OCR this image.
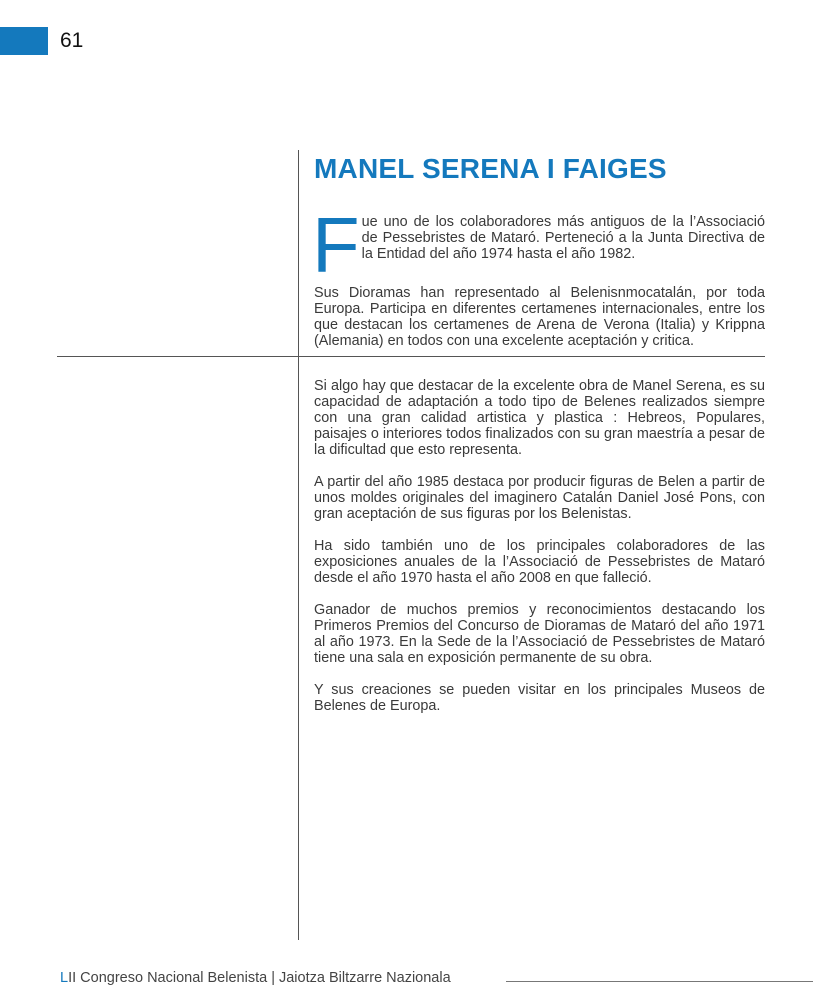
61
MANEL SERENA I FAIGES
F ue uno de los colaboradores más antiguos de la l’Associació de Pessebristes de Mataró. Perteneció a la Junta Directiva de la Entidad del año 1974 hasta el año 1982.

Sus Dioramas han representado al Belenisnmocatalán, por toda Europa. Participa en diferentes certamenes internacionales, entre los que destacan los certamenes de Arena de Verona (Italia) y Krippna (Alemania) en todos con una excelente aceptación y critica.

Si algo hay que destacar de la excelente obra de Manel Serena, es su capacidad de adaptación a todo tipo de Belenes realizados siempre con una gran calidad artistica y plastica : Hebreos, Populares, paisajes o interiores todos finalizados con su gran maestría a pesar de la dificultad que esto representa.

A partir del año 1985 destaca por producir figuras de Belen a partir de unos moldes originales del imaginero Catalán Daniel José Pons, con gran aceptación de sus figuras por los Belenistas.

Ha sido también uno de los principales colaboradores de las exposiciones anuales de la l’Associació de Pessebristes de Mataró desde el año 1970 hasta el año 2008 en que falleció.

Ganador de muchos premios y reconocimientos destacando los Primeros Premios del Concurso de Dioramas de Mataró del año 1971 al año 1973. En la Sede de la l’Associació de Pessebristes de Mataró tiene una sala en exposición permanente de su obra.

Y sus creaciones se pueden visitar en los principales Museos de Belenes de Europa.

LII Congreso Nacional Belenista | Jaiotza Biltzarre Nazionala
